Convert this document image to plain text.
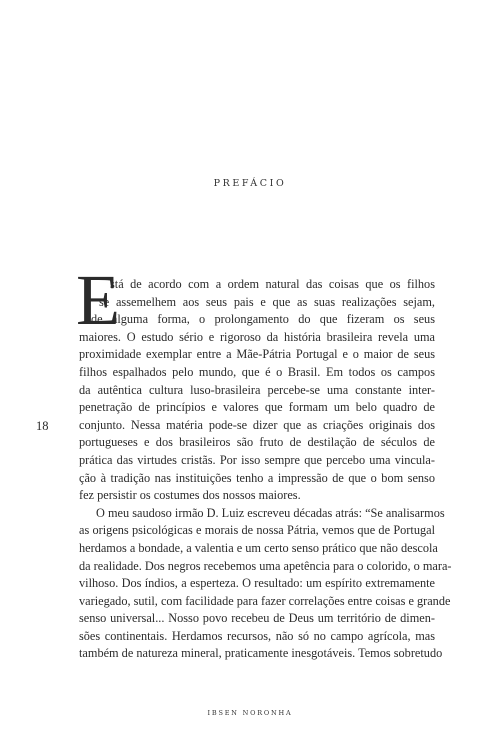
PREFÁCIO
E
18
stá de acordo com a ordem natural das coisas que os filhos
se assemelhem aos seus pais e que as suas realizações sejam,
de alguma forma, o prolongamento do que fizeram os seus
maiores. O estudo sério e rigoroso da história brasileira revela uma
proximidade exemplar entre a Mãe-Pátria Portugal e o maior de seus
filhos espalhados pelo mundo, que é o Brasil. Em todos os campos
da autêntica cultura luso-brasileira percebe-se uma constante inter-
penetração de princípios e valores que formam um belo quadro de
conjunto. Nessa matéria pode-se dizer que as criações originais dos
portugueses e dos brasileiros são fruto de destilação de séculos de
prática das virtudes cristãs. Por isso sempre que percebo uma vincula-
ção à tradição nas instituições tenho a impressão de que o bom senso
fez persistir os costumes dos nossos maiores.
O meu saudoso irmão D. Luiz escreveu décadas atrás: “Se analisarmos
as origens psicológicas e morais de nossa Pátria, vemos que de Portugal
herdamos a bondade, a valentia e um certo senso prático que não descola
da realidade. Dos negros recebemos uma apetência para o colorido, o mara-
vilhoso. Dos índios, a esperteza. O resultado: um espírito extremamente
variegado, sutil, com facilidade para fazer correlações entre coisas e grande
senso universal... Nosso povo recebeu de Deus um território de dimen-
sões continentais. Herdamos recursos, não só no campo agrícola, mas
também de natureza mineral, praticamente inesgotáveis. Temos sobretudo
IBSEN NORONHA
